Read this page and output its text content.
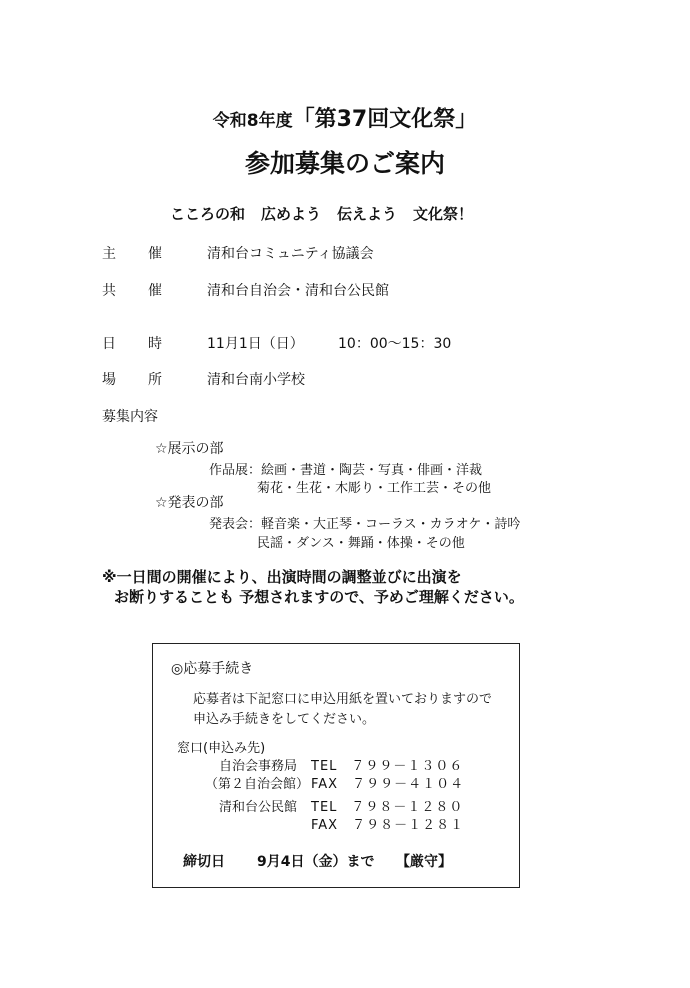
令和8年度「第37回文化祭」
参加募集のご案内
こころの和 広めよう 伝えよう 文化祭！
主 催	清和台コミュニティ協議会
共 催	清和台自治会・清和台公民館
日 時	11月1日（日） 10：00〜15：30
場 所	清和台南小学校
募集内容
☆展示の部
作品展：絵画・書道・陶芸・写真・俳画・洋裁
菊花・生花・木彫り・工作工芸・その他
☆発表の部
発表会：軽音楽・大正琴・コーラス・カラオケ・詩吟
民謡・ダンス・舞踊・体操・その他
※一日間の開催により、出演時間の調整並びに出演を
お断りすることも 予想されますので、予めご理解ください。
◎応募手続き
応募者は下記窓口に申込用紙を置いておりますので
申込み手続きをしてください。
窓口(申込み先)
自治会事務局 TEL　７９９－１３０６
（第２自治会館） FAX　７９９－４１０４
清和台公民館 TEL　７９８－１２８０
FAX　７９８－１２８１
締切日 9月4日（金）まで 【厳守】
